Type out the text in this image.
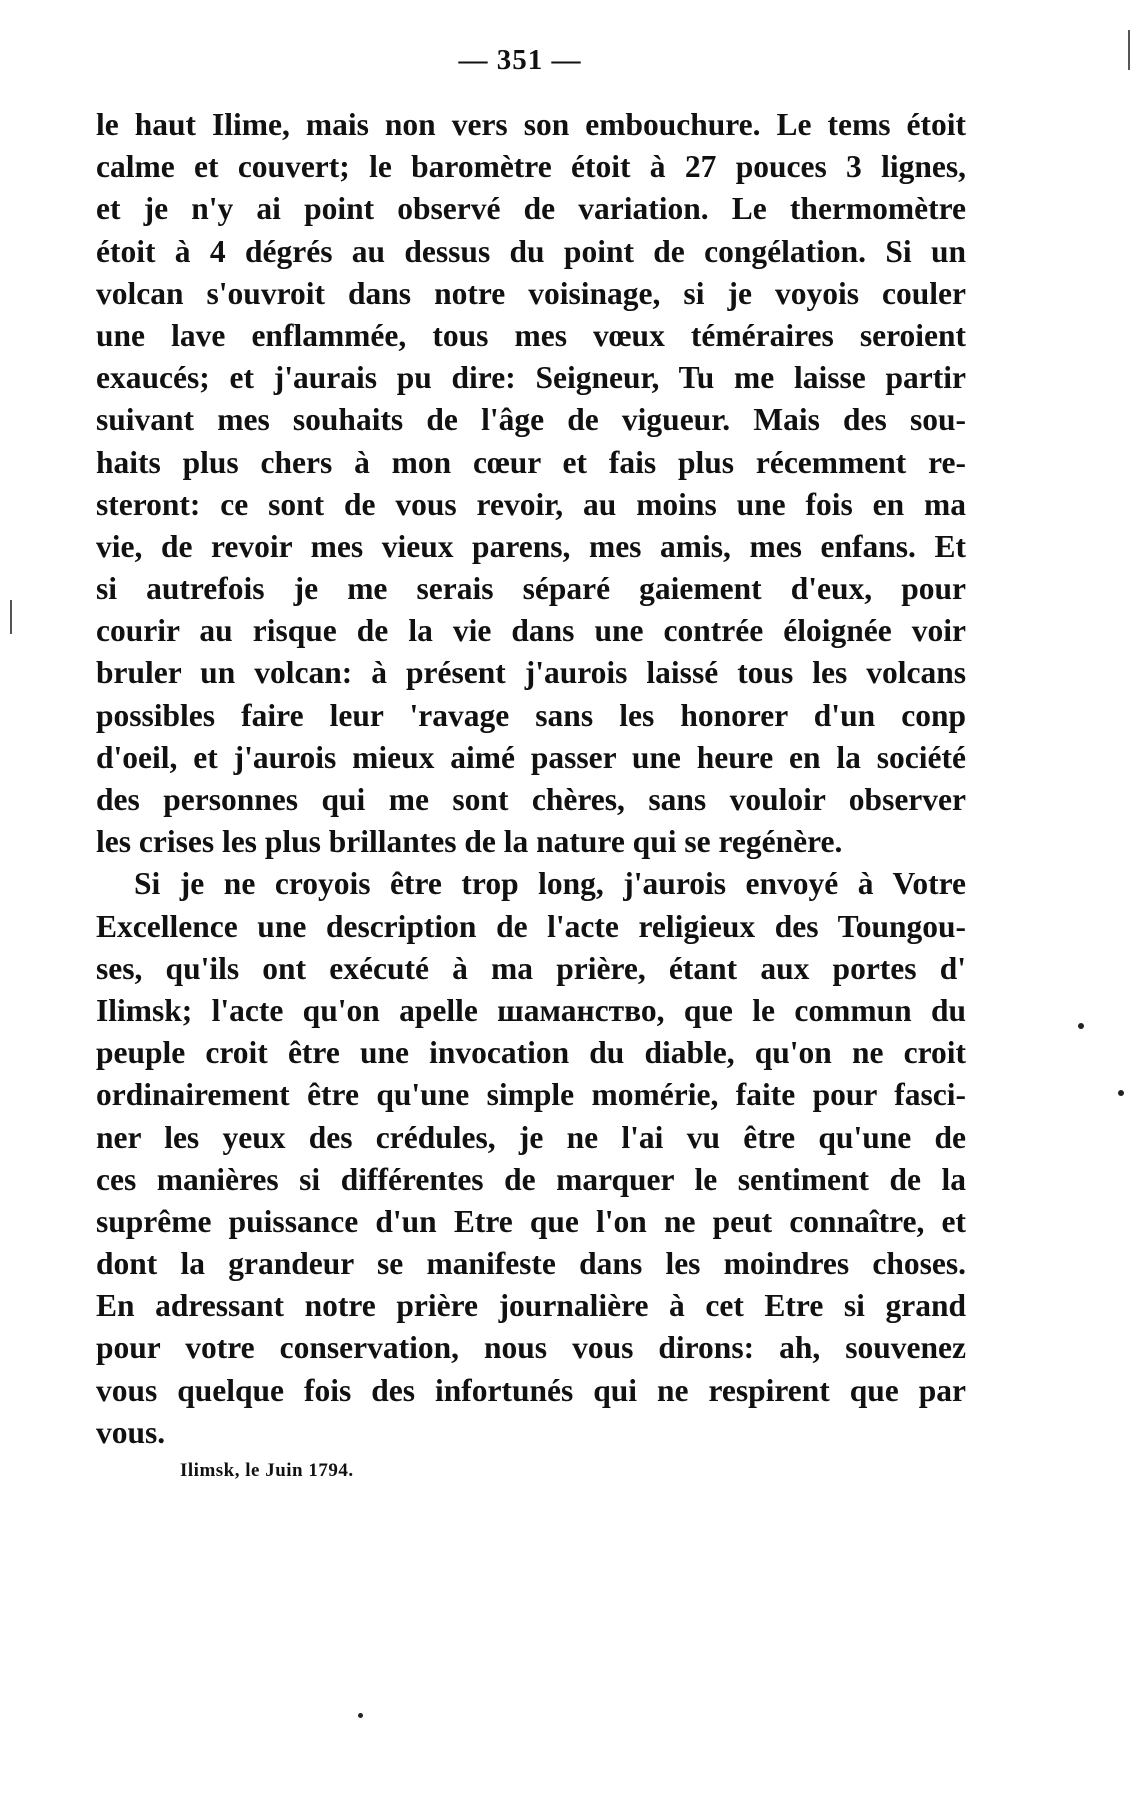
— 351 —
le haut Ilime, mais non vers son embouchure. Le tems étoit
calme et couvert; le baromètre étoit à 27 pouces 3 lignes,
et je n'y ai point observé de variation. Le thermomètre
étoit à 4 dégrés au dessus du point de congélation. Si un
volcan s'ouvroit dans notre voisinage, si je voyois couler
une lave enflammée, tous mes vœux téméraires seroient
exaucés; et j'aurais pu dire: Seigneur, Tu me laisse partir
suivant mes souhaits de l'âge de vigueur. Mais des sou-
haits plus chers à mon cœur et fais plus récemment re-
steront: ce sont de vous revoir, au moins une fois en ma
vie, de revoir mes vieux parens, mes amis, mes enfans. Et
si autrefois je me serais séparé gaiement d'eux, pour
courir au risque de la vie dans une contrée éloignée voir
bruler un volcan: à présent j'aurois laissé tous les volcans
possibles faire leur 'ravage sans les honorer d'un conp
d'oeil, et j'aurois mieux aimé passer une heure en la société
des personnes qui me sont chères, sans vouloir observer
les crises les plus brillantes de la nature qui se regénère.
Si je ne croyois être trop long, j'aurois envoyé à Votre
Excellence une description de l'acte religieux des Toungou-
ses, qu'ils ont exécuté à ma prière, étant aux portes d'
Ilimsk; l'acte qu'on apelle шаманство, que le commun du
peuple croit être une invocation du diable, qu'on ne croit
ordinairement être qu'une simple momérie, faite pour fasci-
ner les yeux des crédules, je ne l'ai vu être qu'une de
ces manières si différentes de marquer le sentiment de la
suprême puissance d'un Etre que l'on ne peut connaître, et
dont la grandeur se manifeste dans les moindres choses.
En adressant notre prière journalière à cet Etre si grand
pour votre conservation, nous vous dirons: ah, souvenez
vous quelque fois des infortunés qui ne respirent que par
vous.
Ilimsk, le Juin 1794.
